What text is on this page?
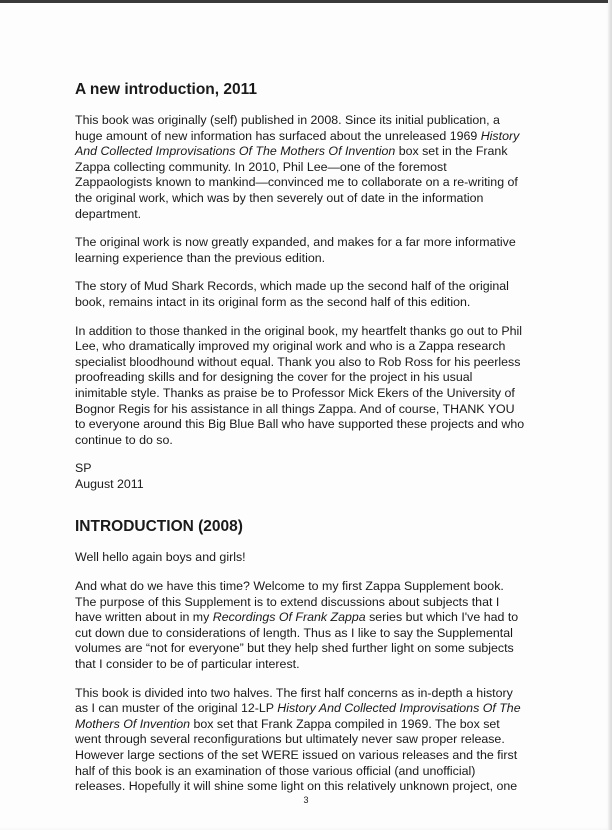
A new introduction, 2011

This book was originally (self) published in 2008. Since its initial publication, a huge amount of new information has surfaced about the unreleased 1969 History And Collected Improvisations Of The Mothers Of Invention box set in the Frank Zappa collecting community. In 2010, Phil Lee—one of the foremost Zappaologists known to mankind—convinced me to collaborate on a re-writing of the original work, which was by then severely out of date in the information department.

The original work is now greatly expanded, and makes for a far more informative learning experience than the previous edition.

The story of Mud Shark Records, which made up the second half of the original book, remains intact in its original form as the second half of this edition.

In addition to those thanked in the original book, my heartfelt thanks go out to Phil Lee, who dramatically improved my original work and who is a Zappa research specialist bloodhound without equal. Thank you also to Rob Ross for his peerless proofreading skills and for designing the cover for the project in his usual inimitable style. Thanks as praise be to Professor Mick Ekers of the University of Bognor Regis for his assistance in all things Zappa. And of course, THANK YOU to everyone around this Big Blue Ball who have supported these projects and who continue to do so.

SP
August 2011

INTRODUCTION (2008)

Well hello again boys and girls!

And what do we have this time? Welcome to my first Zappa Supplement book. The purpose of this Supplement is to extend discussions about subjects that I have written about in my Recordings Of Frank Zappa series but which I've had to cut down due to considerations of length. Thus as I like to say the Supplemental volumes are “not for everyone” but they help shed further light on some subjects that I consider to be of particular interest.

This book is divided into two halves. The first half concerns as in-depth a history as I can muster of the original 12-LP History And Collected Improvisations Of The Mothers Of Invention box set that Frank Zappa compiled in 1969. The box set went through several reconfigurations but ultimately never saw proper release. However large sections of the set WERE issued on various releases and the first half of this book is an examination of those various official (and unofficial) releases. Hopefully it will shine some light on this relatively unknown project, one

3
